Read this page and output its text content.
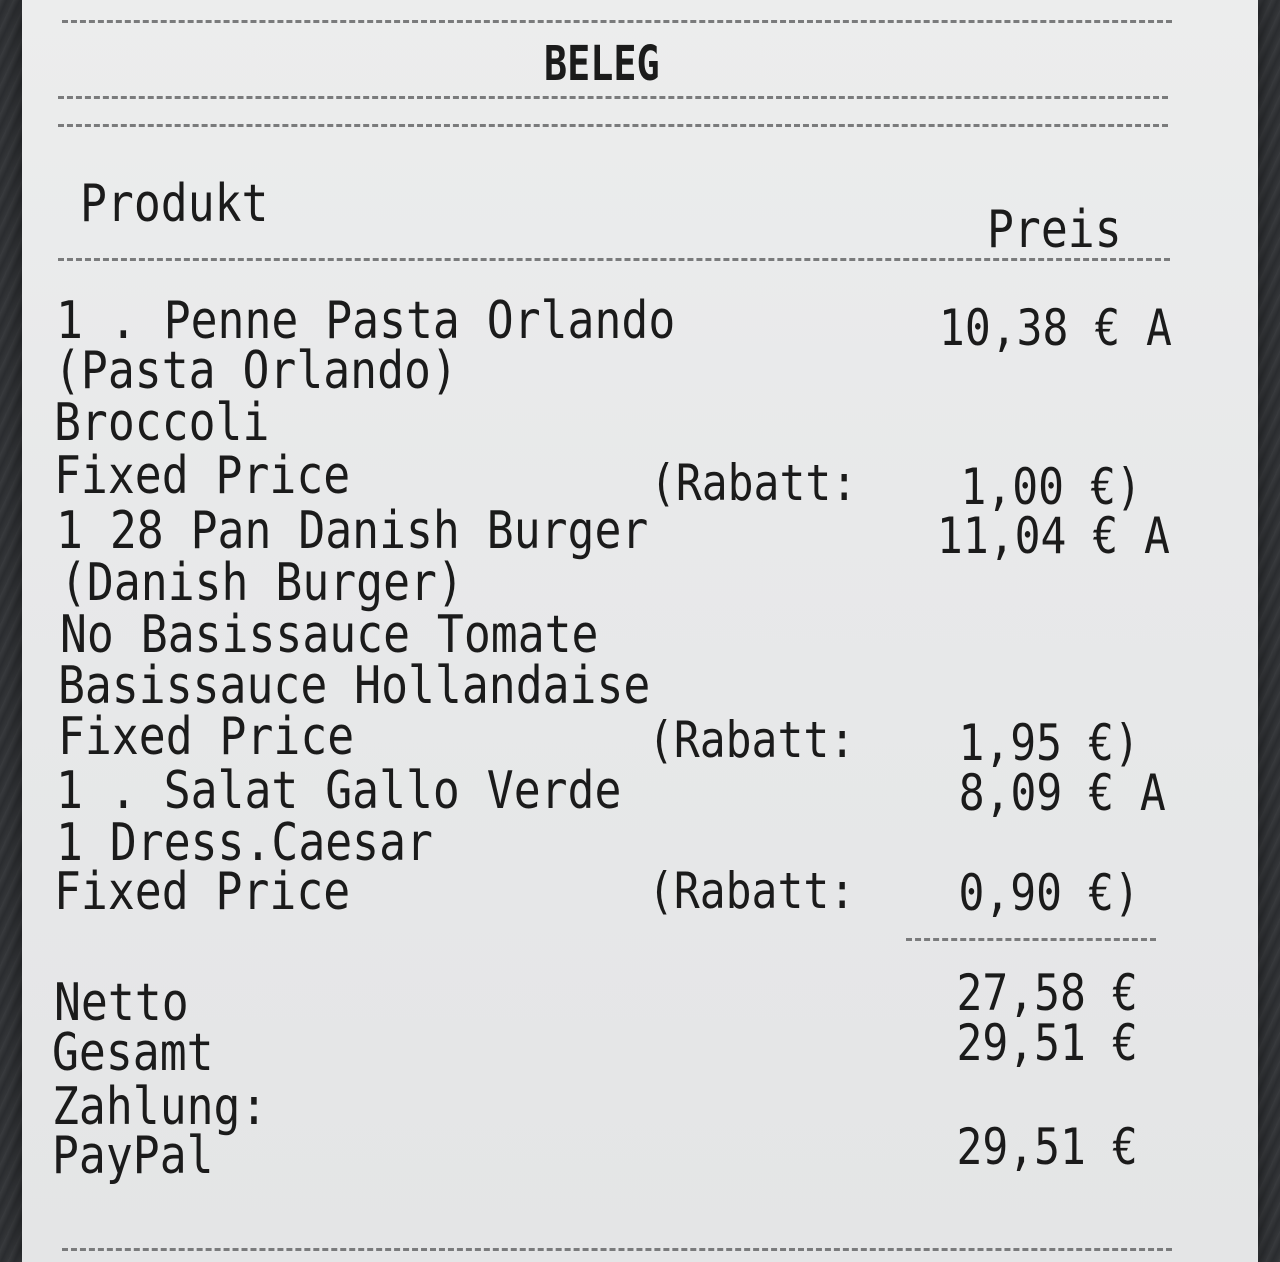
BELEG
Produkt	Preis
1 . Penne Pasta Orlando	10,38 € A
(Pasta Orlando)
Broccoli
Fixed Price	(Rabatt: 1,00 €)
1 28 Pan Danish Burger	11,04 € A
(Danish Burger)
No Basissauce Tomate
Basissauce Hollandaise
Fixed Price	(Rabatt: 1,95 €)
1 . Salat Gallo Verde	8,09 € A
1 Dress.Caesar
Fixed Price	(Rabatt: 0,90 €)
Netto	27,58 €
Gesamt	29,51 €
Zahlung:
PayPal	29,51 €
